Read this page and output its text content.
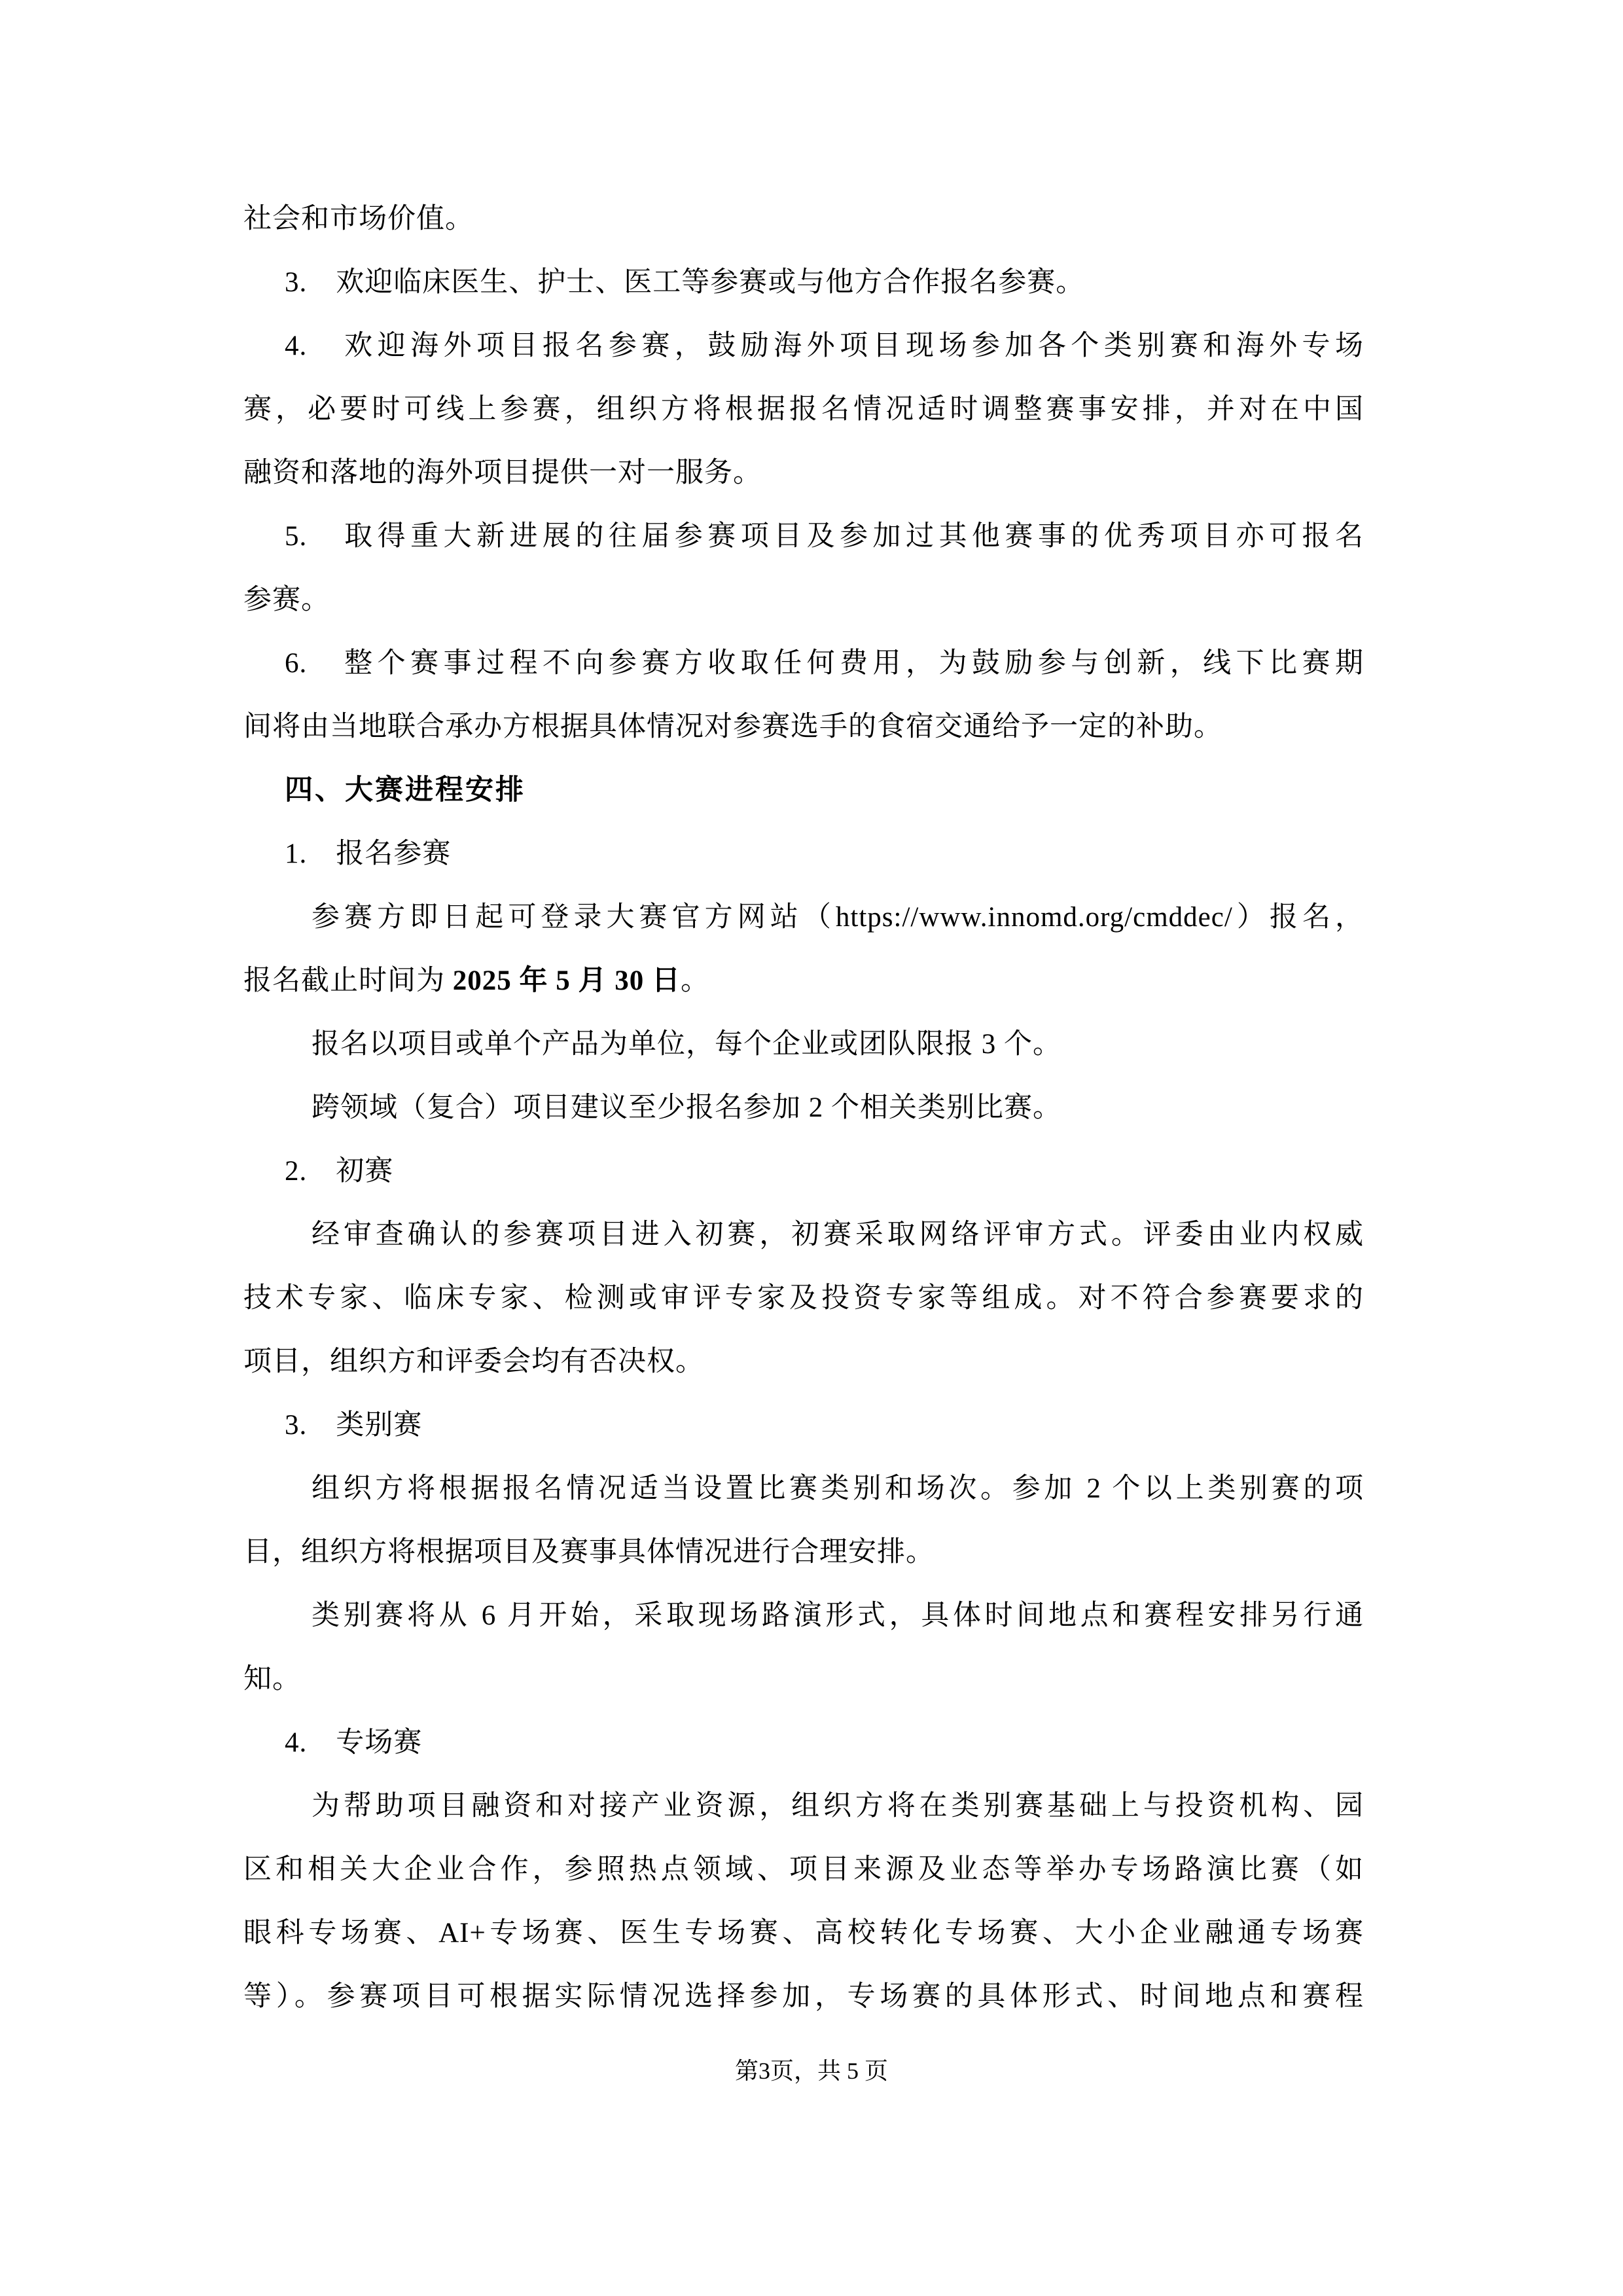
社会和市场价值。
3.　欢迎临床医生、护士、医工等参赛或与他方合作报名参赛。
4.　欢迎海外项目报名参赛，鼓励海外项目现场参加各个类别赛和海外专场
赛，必要时可线上参赛，组织方将根据报名情况适时调整赛事安排，并对在中国
融资和落地的海外项目提供一对一服务。
5.　取得重大新进展的往届参赛项目及参加过其他赛事的优秀项目亦可报名
参赛。
6.　整个赛事过程不向参赛方收取任何费用，为鼓励参与创新，线下比赛期
间将由当地联合承办方根据具体情况对参赛选手的食宿交通给予一定的补助。
四、大赛进程安排
1.　报名参赛
参赛方即日起可登录大赛官方网站（https://www.innomd.org/cmddec/）报名，
报名截止时间为 2025 年 5 月 30 日。
报名以项目或单个产品为单位，每个企业或团队限报 3 个。
跨领域（复合）项目建议至少报名参加 2 个相关类别比赛。
2.　初赛
经审查确认的参赛项目进入初赛，初赛采取网络评审方式。评委由业内权威
技术专家、临床专家、检测或审评专家及投资专家等组成。对不符合参赛要求的
项目，组织方和评委会均有否决权。
3.　类别赛
组织方将根据报名情况适当设置比赛类别和场次。参加 2 个以上类别赛的项
目，组织方将根据项目及赛事具体情况进行合理安排。
类别赛将从 6 月开始，采取现场路演形式，具体时间地点和赛程安排另行通
知。
4.　专场赛
为帮助项目融资和对接产业资源，组织方将在类别赛基础上与投资机构、园
区和相关大企业合作，参照热点领域、项目来源及业态等举办专场路演比赛（如
眼科专场赛、AI+专场赛、医生专场赛、高校转化专场赛、大小企业融通专场赛
等）。参赛项目可根据实际情况选择参加，专场赛的具体形式、时间地点和赛程
第3页，共 5 页
